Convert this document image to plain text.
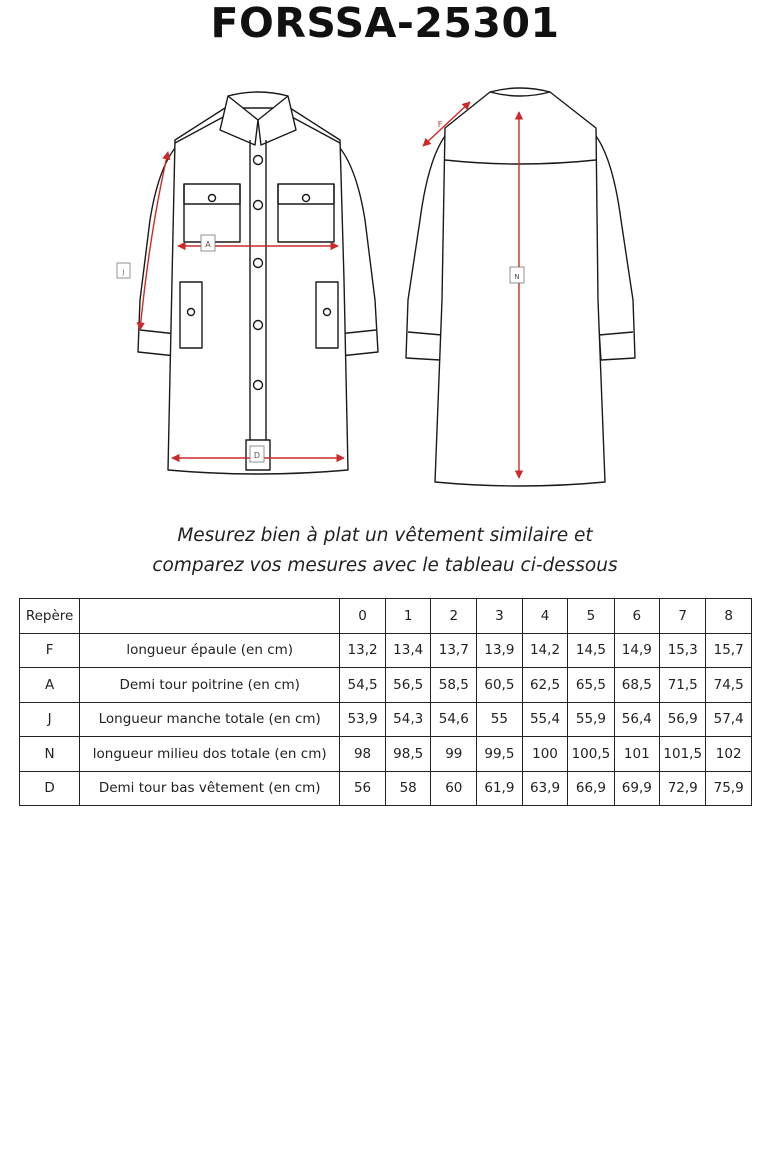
FORSSA-25301
A
J
D
F
N
Mesurez bien à plat un vêtement similaire et
comparez vos mesures avec le tableau ci-dessous
Repère		0	1	2	3	4	5	6	7	8
F	longueur épaule (en cm)	13,2	13,4	13,7	13,9	14,2	14,5	14,9	15,3	15,7
A	Demi tour poitrine (en cm)	54,5	56,5	58,5	60,5	62,5	65,5	68,5	71,5	74,5
J	Longueur manche totale (en cm)	53,9	54,3	54,6	55	55,4	55,9	56,4	56,9	57,4
N	longueur milieu dos totale (en cm)	98	98,5	99	99,5	100	100,5	101	101,5	102
D	Demi tour bas vêtement (en cm)	56	58	60	61,9	63,9	66,9	69,9	72,9	75,9
